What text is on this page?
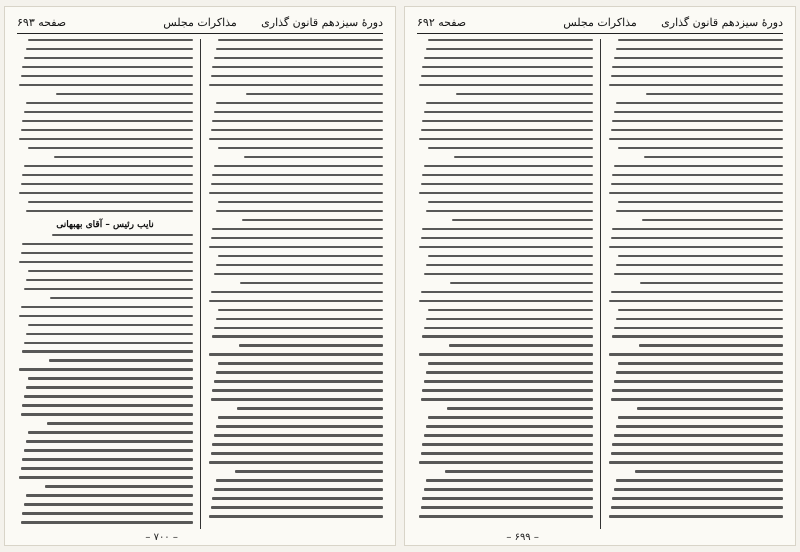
دورهٔ سیزدهم قانون گذاری
مذاکرات مجلس
صفحه ۶۹۳
نایب رئیس – آقای بهبهانی
– ۷۰۰ –
دورهٔ سیزدهم قانون گذاری
مذاکرات مجلس
صفحه ۶۹۲
– ۶۹۹ –
